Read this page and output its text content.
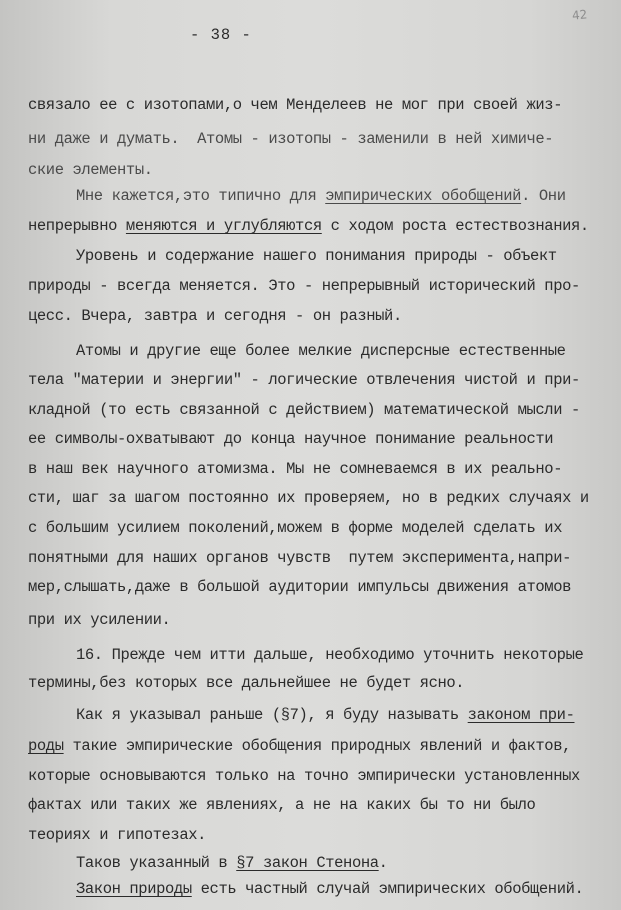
42
- 38 -
связало ее с изотопами,о чем Менделеев не мог при своей жиз-
ни даже и думать.  Атомы - изотопы - заменили в ней химиче-
ские элементы.
Мне кажется,это типично для эмпирических обобщений. Они
непрерывно меняются и углубляются с ходом роста естествознания.
Уровень и содержание нашего понимания природы - объект
природы - всегда меняется. Это - непрерывный исторический про-
цесс. Вчера, завтра и сегодня - он разный.
Атомы и другие еще более мелкие дисперсные естественные
тела "материи и энергии" - логические отвлечения чистой и при-
кладной (то есть связанной с действием) математической мысли -
ее символы-охватывают до конца научное понимание реальности
в наш век научного атомизма. Мы не сомневаемся в их реально-
сти, шаг за шагом постоянно их проверяем, но в редких случаях и
с большим усилием поколений,можем в форме моделей сделать их
понятными для наших органов чувств  путем эксперимента,напри-
мер,слышать,даже в большой аудитории импульсы движения атомов
при их усилении.
16. Прежде чем итти дальше, необходимо уточнить некоторые
термины,без которых все дальнейшее не будет ясно.
Как я указывал раньше (§7), я буду называть законом при-
роды такие эмпирические обобщения природных явлений и фактов,
которые основываются только на точно эмпирически установленных
фактах или таких же явлениях, а не на каких бы то ни было
теориях и гипотезах.
Таков указанный в §7 закон Стенона.
Закон природы есть частный случай эмпирических обобщений.
